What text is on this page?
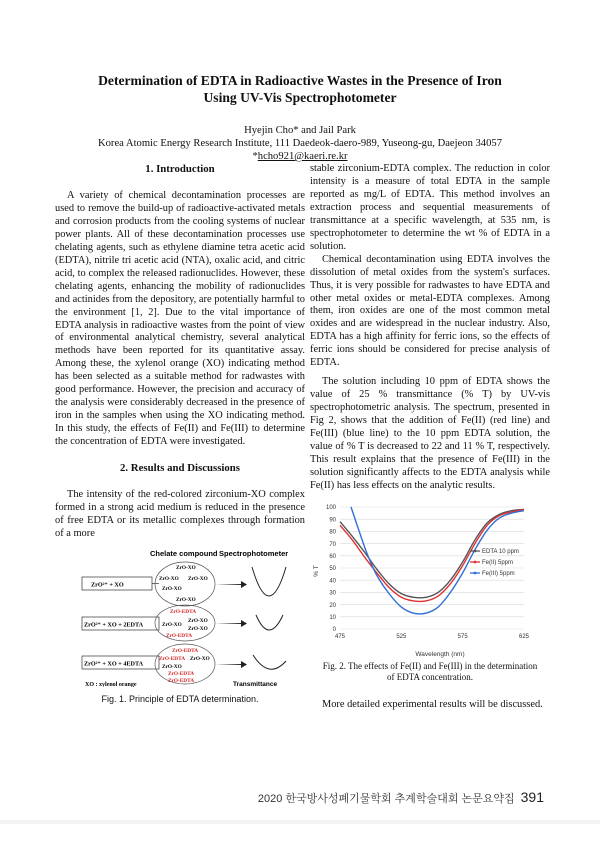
Determination of EDTA in Radioactive Wastes in the Presence of Iron
Using UV-Vis Spectrophotometer
Hyejin Cho* and Jail Park
Korea Atomic Energy Research Institute, 111 Daedeok-daero-989, Yuseong-gu, Daejeon 34057
*hcho921@kaeri.re.kr
1. Introduction

A variety of chemical decontamination processes are used to remove the build-up of radioactive-activated metals and corrosion products from the cooling systems of nuclear power plants. All of these decontamination processes use chelating agents, such as ethylene diamine tetra acetic acid (EDTA), nitrile tri acetic acid (NTA), oxalic acid, and citric acid, to complex the released radionuclides. However, these chelating agents, enhancing the mobility of radionuclides and actinides from the depository, are potentially harmful to the environment [1, 2]. Due to the vital importance of EDTA analysis in radioactive wastes from the point of view of environmental analytical chemistry, several analytical methods have been reported for its quantitative assay. Among these, the xylenol orange (XO) indicating method has been selected as a suitable method for radwastes with good performance. However, the precision and accuracy of the analysis were considerably decreased in the presence of iron in the samples when using the XO indicating method. In this study, the effects of Fe(II) and Fe(III) to determine the concentration of EDTA were investigated.

2. Results and Discussions

The intensity of the red-colored zirconium-XO complex formed in a strong acid medium is reduced in the presence of free EDTA or its metallic complexes through formation of a more

Chelate compound Spectrophotometer
ZrO²⁺ + XO
ZrO-XO
ZrO-XO ZrO-XO
ZrO-XO
ZrO-XO
ZrO²⁺ + XO + 2EDTA
ZrO-EDTA
ZrO-XO
ZrO-XO
ZrO-XO
ZrO-EDTA
ZrO²⁺ + XO + 4EDTA
ZrO-EDTA
ZrO-EDTA ZrO-XO
ZrO-XO
ZrO-EDTA
ZrO-EDTA
XO : xylenol orange	Transmittance
Fig. 1. Principle of EDTA determination.

stable zirconium-EDTA complex. The reduction in color intensity is a measure of total EDTA in the sample reported as mg/L of EDTA. This method involves an extraction process and sequential measurements of transmittance at a specific wavelength, at 535 nm, is spectrophotometer to determine the wt % of EDTA in a solution.

Chemical decontamination using EDTA involves the dissolution of metal oxides from the system's surfaces. Thus, it is very possible for radwastes to have EDTA and other metal oxides or metal-EDTA complexes. Among them, iron oxides are one of the most common metal oxides and are widespread in the nuclear industry. Also, EDTA has a high affinity for ferric ions, so the effects of ferric ions should be considered for precise analysis of EDTA.

The solution including 10 ppm of EDTA shows the value of 25 % transmittance (% T) by UV-vis spectrophotometric analysis. The spectrum, presented in Fig 2, shows that the addition of Fe(II) (red line) and Fe(III) (blue line) to the 10 ppm EDTA solution, the value of % T is decreased to 22 and 11 % T, respectively. This result explains that the presence of Fe(III) in the solution significantly affects to the EDTA analysis while Fe(II) has less effects on the analytic results.

0
10
20
30
40
50
60
70
80
90
100
475	525	575	625
EDTA 10 ppm
Fe(II) 5ppm
Fe(III) 5ppm
% T
Wavelength (nm)
Fig. 2. The effects of Fe(II) and Fe(III) in the determination
of EDTA concentration.

More detailed experimental results will be discussed.

2020 한국방사성폐기물학회 추계학술대회 논문요약집 391
